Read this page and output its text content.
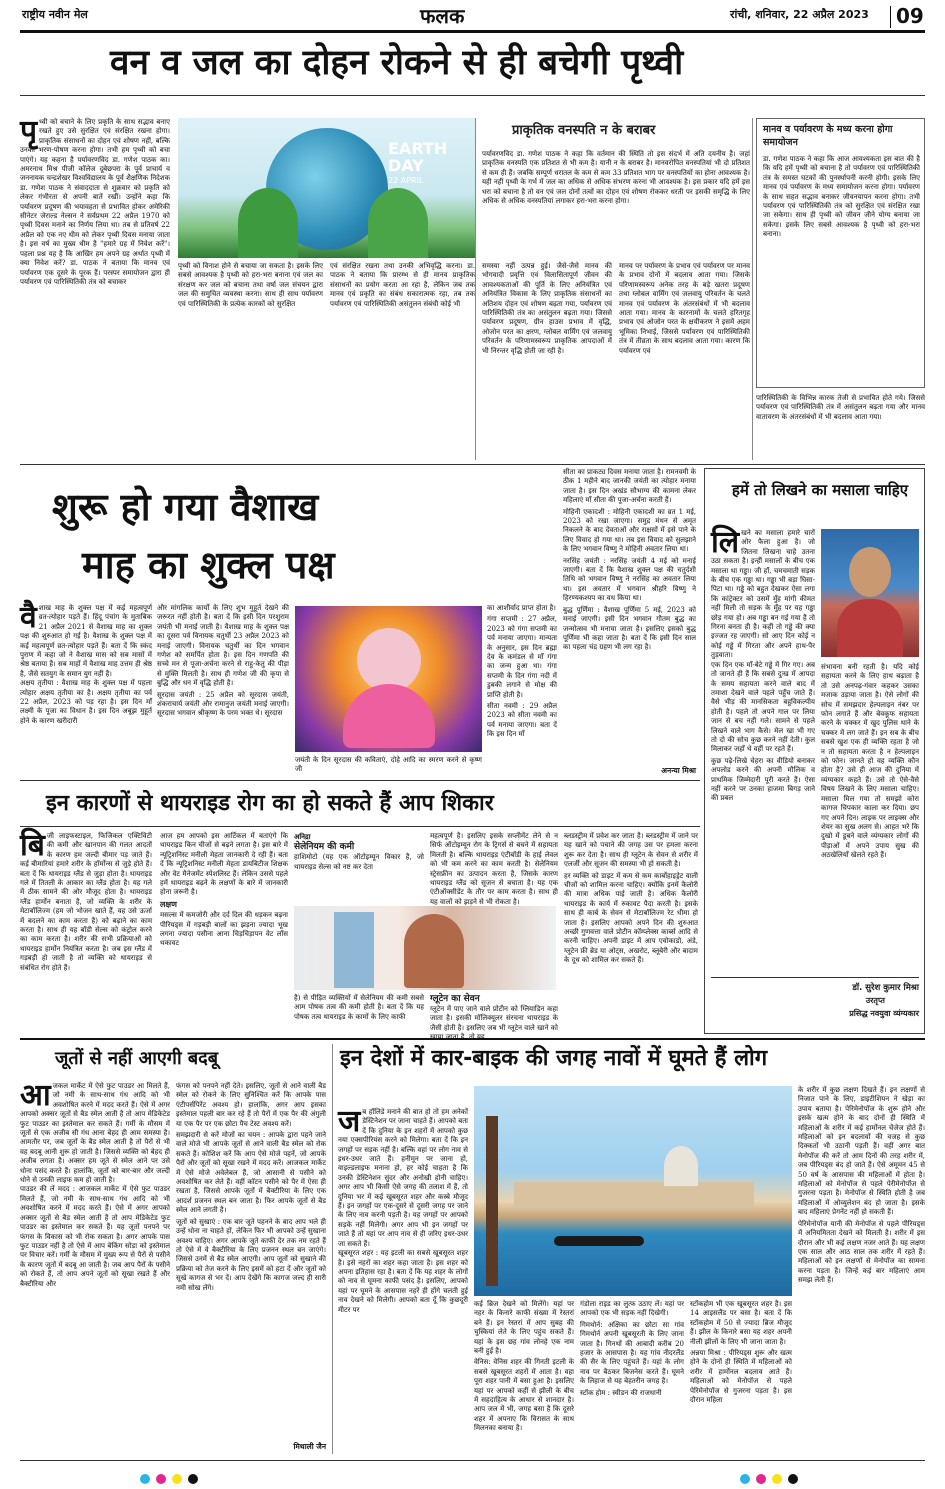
राष्ट्रीय नवीन मेल	फलक	रांची, शनिवार, 22 अप्रैल 2023 09
वन व जल का दोहन रोकने से ही बचेगी पृथ्वी
पृ थ्वी को बचाने के लिए प्रकृति के साथ सद्भाव बनाए रखते हुए उसे सुरक्षित एवं संरक्षित रखना होगा। प्राकृतिक संसाधनों का दोहन एवं शोषण नहीं, बल्कि उनका भरण-पोषण करना होगा। तभी हम पृथ्वी को बचा पाएंगे। यह कहना है पर्यावरणविद डा. गणेश पाठक का। अमरनाथ मिश्र पीजी कॉलेज दूबेछपरा के पूर्व प्राचार्य व जननायक चन्द्रशेखर विश्वविद्यालय के पूर्व शैक्षणिक निदेशक डा. गणेश पाठक ने संवाददाता से शुक्रवार को प्रकृति को लेकर गंभीरता से अपनी बातें रखीं। उन्होंने कहा कि पर्यावरण प्रदूषण की भयावहता से प्रभावित होकर अमेरिकी सीनेटर जेराल्ड नेल्सन ने सर्वप्रथम 22 अप्रैल 1970 को पृथ्वी दिवस मनाने का निर्णय लिया था। तब से प्रतिवर्ष 22 अप्रैल को एक नए थीम को लेकर पृथ्वी दिवस मनाया जाता है। इस वर्ष का मुख्य थीम है "हमारे ग्रह में निवेश करें"। पहला प्रश्न यह है कि आखिर हम अपने ग्रह अर्थात पृथ्वी में क्या निवेश करें? डा. पाठक ने बताया कि मानव एवं पर्यावरण एक दूसरे के पूरक हैं। परस्पर समायोजन द्वारा ही पर्यावरण एवं पारिस्थितिकी तंत्र को बचाकर
EARTH DAY
22 APRIL
पृथ्वी को विनाश होने से बचाया जा सकता है। इसके लिए सबसे आवश्यक है पृथ्वी को हरा-भरा बनाना एवं जल का संरक्षण कर जल को बचाना तथा वर्षा जल संचयन द्वारा जल की समुचित व्यवस्था करना। साथ ही साथ पर्यावरण एवं पारिस्थितिकी के प्रत्येक कारकों को सुरक्षित
एवं संरक्षित रखना तथा उनकी अभिवृद्धि करना। डा. पाठक ने बताया कि प्रारम्भ से ही मानव प्राकृतिक संसाधनों का प्रयोग करता आ रहा है, लेकिन जब तक मानव एवं प्रकृति का संबंध सकारात्मक रहा, तब तक पर्यावरण एवं पारिस्थितिकी असंतुलन संबंधी कोई भी
प्राकृतिक वनस्पति न के बराबर
पर्यावरणविद डा. गणेश पाठक ने कहा कि वर्तमान की स्थिति तो इस संदर्भ में अति दयनीय है। जहां प्राकृतिक वनस्पति एक प्रतिशत से भी कम है। यानी न के बराबर है। मानवरोपित वनस्पतियां भी दो प्रतिशत से कम ही हैं। जबकि सम्पूर्ण धरातल के कम से कम 33 प्रतिशत भाग पर वनस्पतियों का होना आवश्यक है। यही नहीं पृथ्वी के गर्भ में जल का अधिक से अधिक संभरण करना भी आवश्यक है। इस प्रकार यदि हमें इस धरा को बचाना है तो वन एवं जल दोनों तत्वों का दोहन एवं शोषण रोककर धरती पर इसकी समृद्धि के लिए अधिक से अधिक वनस्पतियां लगाकर हरा-भरा करना होगा।
समस्या नहीं उत्पन्न हुई। जैसे-जैसे मानव की भोगवादी प्रवृत्ति एवं विलासितापूर्ण जीवन की आवश्यकताओं की पूर्ति के लिए अनियंत्रित एवं अनियंत्रित विकास के लिए प्राकृतिक संसाधनों का अतिशय दोहन एवं शोषण बढ़ता गया, पर्यावरण एवं पारिस्थितिकी तंत्र का असंतुलन बढ़ता गया। जिससे पर्यावरण प्रदूषण, ग्रीन हाउस प्रभाव में वृद्धि, ओजोन परत का क्षरण, ग्लोबल वार्मिंग एवं जलवायु परिवर्तन के परिणामस्वरूप प्राकृतिक आपदाओं में भी निरन्तर वृद्धि होती जा रही है।
मानव पर पर्यावरण के प्रभाव एवं पर्यावरण पर मानव के प्रभाव दोनों में बदलाव आता गया। जिसके परिणामस्वरूप अनेक तरह के बड़े खतरा प्रदूषण तथा ग्लोबल वार्मिंग एवं जलवायु परिवर्तन के चलते मानव एवं पर्यावरण के अंतरसंबंधों में भी बदलाव आता गया। मानव के कारनामों के चलते हरितगृह प्रभाव एवं ओजोन परत के क्षयीकरण ने इसमें अहम भूमिका निभाई, जिससे पर्यावरण एवं पारिस्थितिकी तंत्र में तीव्रता के साथ बदलाव आता गया। कारण कि पर्यावरण एवं
मानव व पर्यावरण के मध्य करना होगा समायोजन
डा. गणेश पाठक ने कहा कि आज आवश्यकता इस बात की है कि यदि हमें पृथ्वी को बचाना है तो पर्यावरण एवं पारिस्थितिकी तंत्र के समस्त घटकों की पुनर्स्थापनी करनी होगी। इसके लिए मानव एवं पर्यावरण के मध्य समायोजन करना होगा। पर्यावरण के साथ सहत सद्भाव बनाकर जीवनयापन करना होगा। तभी पर्यावरण एवं पारिस्थितिकी तंत्र को सुरक्षित एवं संरक्षित रखा जा सकेगा। साथ ही पृथ्वी को जीवन जीने योग्य बनाया जा सकेगा। इसके लिए सबसे आवश्यक है पृथ्वी को हरा-भरा बनाना।
पारिस्थितिकी के विभिन्न कारक तेजी से प्रभावित होते गये। जिससे पर्यावरण एवं पारिस्थितिकी तंत्र में असंतुलन बढ़ता गया और मानव वातावरण के अंतरसंबंधों में भी बदलाव आता गया।
शुरू हो गया वैशाख
माह का शुक्ल पक्ष
वै शाख माह के शुक्ल पक्ष में कई महत्वपूर्ण व्रत-त्योहार पड़ते हैं। हिंदू पंचांग के मुताबिक 21 अप्रैल 2021 से वैशाख माह का शुक्ल पक्ष की शुरुआत हो गई है। वैशाख के शुक्ल पक्ष में कई महत्वपूर्ण व्रत-त्योहार पड़ते हैं। बता दें कि स्कंद पुराण में कहा जो ने वैशाख मास को सब मासों में श्रेष्ठ बताया है। सब माहों में वैशाख माह उत्तम ही श्रेष्ठ है, जैसे सतयुग के समान युग नहीं है।

अक्षय तृतीया : वैशाख माह के शुक्ल पक्ष में पहला त्योहार अक्षय तृतीया का है। अक्षय तृतीया का पर्व 22 अप्रैल, 2023 को पड़ रहा है। इस दिन माँ लक्ष्मी के पूजा का विधान है। इस दिन अबूझ मुहूर्त होने के कारण खरीदारी

और मांगलिक कार्यों के लिए शुभ मुहूर्त देखने की जरूरत नहीं होती है। बता दें कि इसी दिन परशुराम जयंती भी मनाई जाती है। वैशाख माह के शुक्ल पक्ष का दूसरा पर्व विनायक चतुर्थी 23 अप्रैल 2023 को मनाई जाएगी। विनायक चतुर्थी का दिन भगवान गणेश को समर्पित होता है। इस दिन गणपति की सच्चे मन से पूजा-अर्चना करने से राहु-केतु की पीड़ा से मुक्ति मिलती है। साथ ही गणेश जी की कृपा से बुद्धि और धन में वृद्धि होती है।

सूरदास जयंती : 25 अप्रैल को सूरदास जयंती, शंकराचार्य जयंती और रामानुज जयंती मनाई जाएगी। सूरदास भगवान श्रीकृष्ण के परम भक्त थे। सूरदास

जयंती के दिन सूरदास की कविताएं, दोहे आदि का स्मरण करने से कृष्ण जी

का आशीर्वाद प्राप्त होता है।

गंगा सप्तमी : 27 अप्रैल, 2023 को गंगा सप्तमी का पर्व मनाया जाएगा। मान्यता के अनुसार, इस दिन ब्रह्मा देव के कमंडल से माँ गंगा का जन्म हुआ था। गंगा सप्तमी के दिन गंगा नदी में डुबकी लगाने से मोक्ष की प्राप्ति होती है।

सीता नवमी : 29 अप्रैल 2023 को सीता नवमी का पर्व मनाया जाएगा। बता दें कि इस दिन माँ

सीता का प्राकट्य दिवस मनाया जाता है। रामनवमी के ठीक 1 महीने बाद जानकी जयंती का त्योहार मनाया जाता है। इस दिन अखंड सौभाग्य की कामना लेकर महिलाएं माँ सीता की पूजा-अर्चना करती हैं।

मोहिनी एकादशी : मोहिनी एकादशी का व्रत 1 मई, 2023 को रखा जाएगा। समुद्र मंथन से अमृत निकलने के बाद देवताओं और राक्षसों में इसे पाने के लिए विवाद हो गया था। तब इस विवाद को सुलझाने के लिए भगवान विष्णु ने मोहिनी अवतार लिया था।

नरसिंह जयंती : नरसिंह जयंती 4 मई को मनाई जाएगी। बता दें कि वैशाख शुक्ल पक्ष की चतुर्दशी तिथि को भगवान विष्णु ने नरसिंह का अवतार लिया था। इस अवतार में भगवान श्रीहरि विष्णु ने हिरण्यकश्यप का वध किया था।

बुद्ध पूर्णिमा : वैशाख पूर्णिमा 5 मई, 2023 को मनाई जाएगी। इसी दिन भगवान गौतम बुद्ध का जन्मोत्सव भी मनाया जाता है। इसलिए इसको बुद्ध पूर्णिमा भी कहा जाता है। बता दें कि इसी दिन साल का पहला चंद्र ग्रहण भी लग रहा है।

अनन्या मिश्रा
इन कारणों से थायराइड रोग का हो सकते हैं आप शिकार
बि जी लाइफस्टाइल, फिजिकल एक्टिविटी की कमी और खानपान की गलत आदतों के कारण हम जल्दी बीमार पड़ जाते हैं। कई बीमारियां हमारे शरीर के हॉर्मोन्स से जुड़े होते हैं। बता दें कि थायराइड ग्लैंड से जुड़ा होता है। थायराइड गले में तितली के आकार का ग्लैंड होता है। यह गले में ठीक सामने की ओर मौजूद होता है। थायराइड ग्लैंड हार्मोन बनाता है, जो व्यक्ति के शरीर के मेटाबॉलिज्म (हम जो भोजन खाते हैं, वह उसे ऊर्जा में बदलने का काम करता है) को बढ़ाने का काम करता है। साथ ही यह बॉडी सेल्स को कंट्रोल करने का काम करता है। शरीर की सभी प्रक्रियाओं को थायराइड हार्मोन नियंत्रित करता है। जब इस ग्लैंड में गड़बड़ी हो जाती है तो व्यक्ति को थायराइड से संबंधित रोग होते हैं।

आज हम आपको इस आर्टिकल में बताएंगे कि थायराइड किन चीजों से बढ़ने लगता है। इस बारे में न्यूट्रिशनिस्ट मनीली मेहता जानकारी दे रही हैं। बता दें कि न्यूट्रिशनिस्ट मनीली मेहता डायबिटीज शिक्षक और वेट मैनेजमेंट स्पेशलिस्ट हैं। लेकिन उससे पहले हमें थायराइड बढ़ने के लक्षणों के बारे में जानकारी होना जरूरी है।

लक्षण

मसल्स में कमजोरी और दर्द दिल की धड़कन बढ़ना पीरियड्स में गड़बड़ी बालों का झड़ना ज्यादा भूख लगना ज्यादा पसीना आना चिड़चिड़ापन वेट लॉस थकावट

अनिद्रा
सेलेनियम की कमी
हाशिमोटो (यह एक ऑटोइम्यून विकार है, जो थायराइड सेल्स को नष्ट कर देता
है) से पीड़ित व्यक्तियों में सेलेनियम की कमी सबसे आम पोषक तत्व की कमी होती है। बता दें कि यह पोषक तत्व थायराइड के कामों के लिए काफी

महत्वपूर्ण है। इसलिए इसके सप्लीमेंट लेने से न सिर्फ ऑटोइम्यून रोग के ट्रिगर्स से बचने में सहायता मिलती है। बल्कि थायराइड एंटीबॉडी के हाई लेवल को भी कम करने का काम करती है। सेलेनियम स्ट्रेसफ्रीन का उत्पादन करता है, जिसके कारण थायराइड ग्लैंड को सूजन से बचाता है। यह एक एंटीऑक्सीडेंट के तौर पर काम करता है। साथ ही यह वालों को झड़ने से भी रोकता है।

ग्लूटेन का सेवन
ग्लूटेन में पाए जाने वाले प्रोटीन को ग्लियाडिन कहा जाता है। इसकी मॉलिक्यूलर संरचना थायराइड के जैसी होती है। इसलिए जब भी ग्लूटेन वाले खाने को

ब्लडस्ट्रीम में प्रवेश कर जाता है। ब्लडस्ट्रीम में जाने पर यह खाने को पचाने की जगह उस पर हमला करना शुरू कर देता है। साथ ही ग्लूटेन के सेवन से शरीर में एलर्जी और सूजन की समस्या भी हो सकती है।

हर व्यक्ति को डाइट में कम से कम कार्बोहाइड्रेट वाली चीजों को शामिल करना चाहिए। क्योंकि इनमें कैलोरी की मात्रा अधिक पाई जाती है। अधिक कैलोरी थायराइड के कार्य में रुकावट पैदा करती है। इसके साथ ही कार्ब के सेवन से मेटाबॉलिज्म रेट धीमा हो जाता है। इसलिए आपको अपने दिन की शुरुआत अच्छी गुणवत्ता वाले प्रोटीन कॉम्प्लेक्स कार्ब्स आदि से करनी चाहिए। अपनी डाइट में आप एवोकाडो, अंडे, ग्लूटेन फ्री ब्रेड या ओट्स, अखरोट, ब्लूबेरी और बादाम के दूध को शामिल कर सकते हैं।

हमें तो लिखने का मसाला चाहिए
लि खने का मसाला हमारे चारों ओर फैला हुआ है। जो जितना लिखना चाहे उतना उठा सकता है। इन्हीं मसालों के बीच एक मसाला था गड्ढा। जी हाँ, चमचमाती सड़क के बीच एक गड्ढा था। गड्ढा भी बड़ा घिसा-पिटा था। गड्ढे को बहुत देखकर ऐसा लगा कि कांट्रेक्टर को उसमें मुँह मांगी कीमत नहीं मिली तो सड़क के मुँह पर यह गड्ढा छोड़ गया हो। अब गड्ढा बन गई गया है तो गिरना बनता ही है। कहीं तो गड्ढे की क्या इज्जत रह जाएगी। सो आए दिन कोई न कोई गड्ढे में गिरता और अपने हाथ-पैर तुड़वाता।

एक दिन एक माँ-बेटे गड्ढे में गिर गए। अब तो जानते ही हैं कि सबसे दुःख में आपदा के समय सहायता करने वाले बाद में तमाशा देखने वाले पहले पहुँच जाते हैं। वैसे भीड़ की मानसिकता बहुविकल्पीय होती है। पहले तो अपने गाल पर लिया जान से बच नहीं गले। सामने से पहले लिखने वाले भाग कैसे। मेल खा भी गए तो दो की सोच कुछ करने नहीं देती। कुल मिलाकर जहाँ थे वहीं पर रहते हैं।

कुछ पढ़े-लिखे चेहरा का वीडियो बनाकर अपलोड करने की अपनी मौलिक व प्राथमिक जिम्मेदारी पूरी करते हैं। ऐसा नहीं करने पर उनका हाजमा बिगड़ जाने की प्रबल

संभावना बनी रहती है। यदि कोई सहायता करने के लिए हाथ बढ़ाता है तो उसे अनपढ़-गंवार कहकर उसका मजाक उड़ाया जाता है। ऐसे लोगों की सोच में समझदार हेल्पलाइन नंबर पर फोन लगाते हैं और बेवकूफ सहायता करने के चक्कर में खुद पुलिस थाने के चक्कर में लग जाते हैं। इन सब के बीच सबसे खुश एक ही व्यक्ति रहता है जो न तो सहायता करता है न हेल्पलाइन को फोन। जानते हो वह व्यक्ति कौन होता है? उसे ही आज की दुनिया में व्यंग्यकार कहते हैं। उसे तो ऐसे-वैसे विषय लिखने के लिए मसाला चाहिए। मसाला मिल गया तो समझो कोरा कागज चिपकार काला कर दिया। छप गए अपने दिन। लाइक पर लाइक्स और शेयर का सुख अलग से। आहत भरे कि दुखो में डूबने वाले व्यंग्यकार लोगों की पीड़ाओं में अपने उपाय सुख की अठखेलियाँ खेलते रहते हैं।
डॉ. सुरेश कुमार मिश्रा
उरतृप्त
प्रसिद्ध नवयुवा व्यंग्यकार
जूतों से नहीं आएगी बदबू
आ जकल मार्केट में ऐसे फुट पाउडर आ मिलते हैं, जो नमी के साथ-साथ गंध आदि को भी अवशोषित करने में मदद करते हैं। ऐसे में अगर आपको अक्सर जूतों से बैड स्मेल आती है तो आप मेडिकेटेड फुट पाउडर का इस्तेमाल कर सकते हैं। गर्मी के मौसम में जूतों से एक अजीब सी गंध आना बेहद ही आम समस्या है। आमतौर पर, जब जूतों के बैड स्मेल आती है तो पैरों से भी वह बदबू आनी शुरू हो जाती है। जिससे व्यक्ति को बेहद ही अजीब लगता है। अक्सर हम जूते से स्मेल आने पर उसे धोना पसंद करते हैं। हालांकि, जूतों को बार-बार और जल्दी धोने से उनकी लाइफ कम हो जाती है।

पाउडर की लें मदद : आजकल मार्केट में ऐसे फुट पाउडर मिलते हैं, जो नमी के साथ-साथ गंध आदि को भी अवशोषित करने में मदद करते हैं। ऐसे में अगर आपको अक्सर जूतों से बैड स्मेल आती है तो आप मेडिकेटेड फुट पाउडर का इस्तेमाल कर सकते हैं। यह जूतों पनपने पर फंगस के विकास को भी रोक सकता है। अगर आपके पास फुट पाउडर नहीं है तो ऐसे में आप बेकिंग सोडा को इस्तेमाल पर विचार करें। गर्मी के मौसम में मुख्य रूप से पैरों से पसीने के कारण जूतों में बदबू आ जाती है। जब आप पैरों के पसीने को रोकते हैं, तो आप अपने जूतों को सूखा रखते हैं और बैक्टीरिया और

फंगस को पनपने नहीं देते। इसलिए, जूतों से आने वाली बैड स्मेल को रोकने के लिए सुनिश्चित करें कि आपके पास एंटीपर्सपिरेंट अवश्य हो। हालांकि, अगर आप इसका इस्तेमाल पहली बार कर रहे हैं तो पैरों में एक पैर की अंगुली या एक पैर पर एक छोटा पैच टेस्ट अवश्य करें।

समझदारी से करें मोजों का चयन : आपके द्वारा पहने जाने वाले मोजे भी आपके जूतों से आने वाली बैड स्मेल को रोक सकते हैं। कोशिश करें कि आप ऐसे मोजे पहनें, जो आपके पैरों और जूतों को सूखा रखने में मदद करें। आजकल मार्केट में ऐसे मोजे अवेलेबल हैं, जो आसानी से पसीने को अवशोषित कर लेते हैं। वहीं कॉटन पसीने को पैर में ऐसा ही रखता है, जिससे आपके जूतों में बैक्टीरिया के लिए एक आदर्श प्रजनन स्थल बन जाता है। फिर आपके जूतों से बैड स्मेल आने लगती है।

जूतों को सुखाएं : एक बार जूते पहनने के बाद आप भले ही उन्हें धोना ना चाहते हों, लेकिन फिर भी आपको उन्हें सुखाना अवश्य चाहिए। अगर आपके जूते काफी देर तक नम रहते हैं तो ऐसे में वे बैक्टीरिया के लिए प्रजनन स्थल बन जाएंगे। जिससे उनमें से बैड स्मेल आएगी। आप जूतों को सुखाने की प्रक्रिया को तेज करने के लिए इसमें को हटा दें और जूतों को सूखे कागज से भर दें। आप देखेंगे कि कागज जल्द ही सारी नमी सोख लेंगे।

मिथाली जैन
इन देशों में कार-बाइक की जगह नावों में घूमते हैं लोग
ज ब हॉलिडे मनाने की बात हो तो हम अनेकों डेस्टिनेशन पर जाना चाहते हैं। आपको बता दें कि दुनिया के इन शहरों में आपको कुछ नया एक्सपीरियंस करने को मिलेगा। बता दें कि इन जगहों पर सड़क नहीं है। बल्कि वहां पर लोग नाव से इधर-उधर जाते हैं। हनीमून पर जाना हो, वाइल्डलाइफ मनाना हो, हर कोई चाहता है कि उनकी डेस्टिनेशन सुंदर और अनोखी होनी चाहिए। अगर आप भी किसी ऐसे जगह की तलाश में हैं, तो दुनिया भर में कई खूबसूरत शहर और कस्बे मौजूद हैं। इन जगहों पर एक-दूसरे से दूसरी जगह पर जाने के लिए नाव करनी पड़ती है। यह जगहों पर आपको सड़कें नहीं मिलेंगी। अगर आप भी इन जगहों पर जाते हैं तो यहां पर आप नाव से ही जरिए इधर-उधर जा सकते हैं।

खूबसूरत शहर : यह इटली का सबसे खूबसूरत शहर है। इसे नहरों का शहर कहा जाता है। इस शहर को अपना इतिहास रहा है। बता दें कि यह शहर के लोगों को नाव से घूमना काफी पसंद है। इसलिए, आपको यहां पर घूमने के आसपास नहरें ही होंगे चलती हुई नाव देखने को मिलेगी। आपको बता दूँ कि कुछदूरी मीटर पर

कई ब्रिज देखने को मिलेंगे। यहां पर नहर के किनारे काफी संख्या में रेस्तरां बने हैं। इन रेस्तरां में आप सुबह की चुस्कियां लेते के लिए पहुंच सकते हैं। यहां के इस छह गांव लोनहे एक नाम बनी हुई है।

वेनिस: वेनिस शहर की गिनती इटली के सबसे खूबसूरत शहरों में आता है। वहा पूरा शहर पानी में बसा हुआ है। इसलिए यहां पर आपको कहीं से झीली के बीच में सहदाहित्य के आधार से शानदार है। आप जल में भी, जगह बसा है कि दूसरे शहर में अपनाए कि विरासत के साथ मिलनका बनाया है।

गंडोला राइड का लुत्फ उठाए लें। यहां पर आपको एक भी सड़क नहीं दिखेगी।

गिमथोर्न: अक्षिका का छोटा सा गांव गिमथोर्न अपनी खूबसूरती के लिए जाना जाता है। गिनथों की आबादी करीब 20 हजार के आसपास है। यह गांव नीदरलैंड की सैर के लिए पहुंचते हैं। यहां के लोग नाव पर बैठकर बिजनेस करते हैं। घूमने के लिहाज से यह बेहतरीन जगह है।

स्टॉक होम : स्वीडन की राजधानी

स्टॉकहोम भी एक खूबसूरत शहर है। इस 14 आइसलैंड पर बसा है। बता दें कि स्टॉकहोम में 50 से ज्यादा ब्रिज मौजूद हैं। झील के किनारे बसा यह शहर अपनी नीली झीलों के लिए भी जाना जाता है।

अन्नया मिश्रा : पीरियड्स शुरू और खत्म होने के दोनों ही स्थिति में महिलाओं को शरीर में हार्मोनल बदलाव आते हैं। महिलाओं को मेनोपॉज से पहले पेरिमेनोपॉज से गुजरना पड़ता है। इस दौरान महिला

के शरीर में कुछ लक्षण दिखते हैं। इन लक्षणों से निजात पाने के लिए, डाइटीशियन ने खेड़ा का उपाय बताया है। पेरिमेनोपॉज के शुरू होने और इसके खत्म होने के बाद दोनों ही स्थिति में महिलाओं के शरीर में कई हार्मोनल चेंजेज होते हैं। महिलाओं को इन बदलावों की वजह से कुछ दिक्कतों भी उठानी पड़ती हैं। वहीं अगर बात मेनोपॉज की करें तो आम दिनों की तरह शरीर में, जब पीरियड्स बंद हो जाते हैं। ऐसे अमूमन 45 से 50 वर्ष के आसपास की महिलाओं में होता है। महिलाओं को मेनोपॉज से पहले पेरीमेनोपॉज से गुजरना पड़ता है। मेनोपॉज से स्थिति होती है जब महिलाओं में ओव्युलेशन बंद हो जाता है। इसके बाद महिलाएं प्रेगनेंट नहीं हो सकती हैं।

पेरिमेनोपॉज यानी की मेनोपॉज से पहले पीरियड्स में अनियमितता देखने को मिलती है। शरीर में इस दौरान और भी कई लक्षण नजर आते हैं। यह लक्षण एक साल और आठ साल तक शरीर में रहते हैं। महिलाओं को इन लक्षणों से मेनोपॉज का सामना करना पड़ता है। जिन्हें कई बार महिलाएं आम समझ लेती हैं।
